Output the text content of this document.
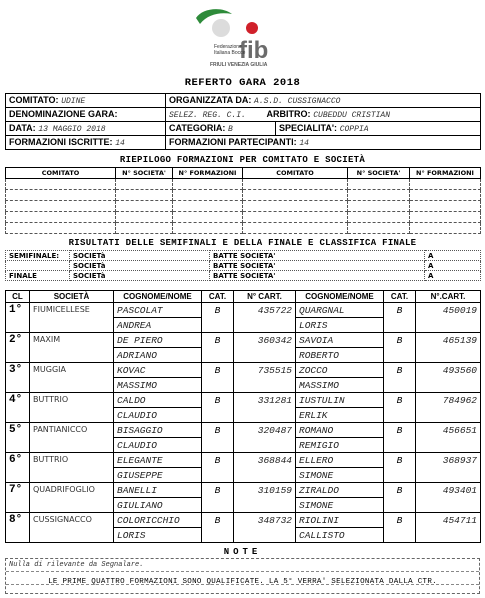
fib
Federazione
Italiana Bocce
FRIULI VENEZIA GIULIA
REFERTO GARA 2018
COMITATO: UDINE	ORGANIZZATA DA: A.S.D. CUSSIGNACCO	
DENOMINAZIONE GARA:	SELEZ. REG. C.I. ARBITRO: CUBEDDU CRISTIAN	
DATA: 13 MAGGIO 2018	CATEGORIA: B	SPECIALITA': COPPIA
FORMAZIONI ISCRITTE: 14	FORMAZIONI PARTECIPANTI: 14	
RIEPILOGO FORMAZIONI PER COMITATO E SOCIETÀ
COMITATO	N° SOCIETA'	N° FORMAZIONI	COMITATO	N° SOCIETA'	N° FORMAZIONI

RISULTATI DELLE SEMIFINALI E DELLA FINALE E CLASSIFICA FINALE
SEMIFINALE:	SOCIETà	BATTE SOCIETA'	A
	SOCIETà	BATTE SOCIETA'	A
FINALE	SOCIETà	BATTE SOCIETA'	A
CL	SOCIETÀ	COGNOME/NOME	CAT.	N° CART.	COGNOME/NOME	CAT.	N°.CART.
1°	FIUMICELLESE	PASCOLAT	B	435722	QUARGNAL	B	450019
		ANDREA			LORIS		
2°	MAXIM	DE PIERO	B	360342	SAVOIA	B	465139
		ADRIANO			ROBERTO		
3°	MUGGIA	KOVAC	B	735515	ZOCCO	B	493560
		MASSIMO			MASSIMO		
4°	BUTTRIO	CALDO	B	331281	IUSTULIN	B	784962
		CLAUDIO			ERLIK		
5°	PANTIANICCO	BISAGGIO	B	320487	ROMANO	B	456651
		CLAUDIO			REMIGIO		
6°	BUTTRIO	ELEGANTE	B	368844	ELLERO	B	368937
		GIUSEPPE			SIMONE		
7°	QUADRIFOGLIO	BANELLI	B	310159	ZIRALDO	B	493401
		GIULIANO			SIMONE		
8°	CUSSIGNACCO	COLORICCHIO	B	348732	RIOLINI	B	454711
		LORIS			CALLISTO		
NOTE
Nulla di rilevante da Segnalare.
LE PRIME QUATTRO FORMAZIONI SONO QUALIFICATE. LA 5° VERRA' SELEZIONATA DALLA CTR.
